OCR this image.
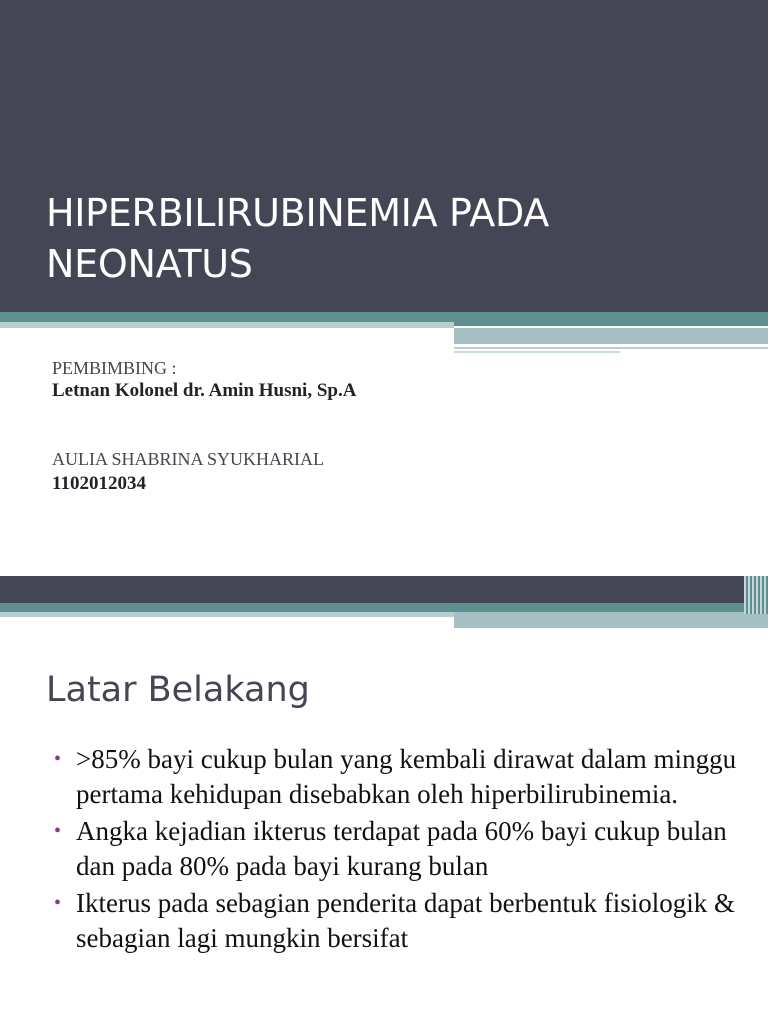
HIPERBILIRUBINEMIA PADA NEONATUS
PEMBIMBING :
Letnan Kolonel dr. Amin Husni, Sp.A
AULIA SHABRINA SYUKHARIAL
1102012034
Latar Belakang
• >85% bayi cukup bulan yang kembali dirawat dalam minggu pertama kehidupan disebabkan oleh hiperbilirubinemia.
• Angka kejadian ikterus terdapat pada 60% bayi cukup bulan dan pada 80% pada bayi kurang bulan
• Ikterus pada sebagian penderita dapat berbentuk fisiologik & sebagian lagi mungkin bersifat
